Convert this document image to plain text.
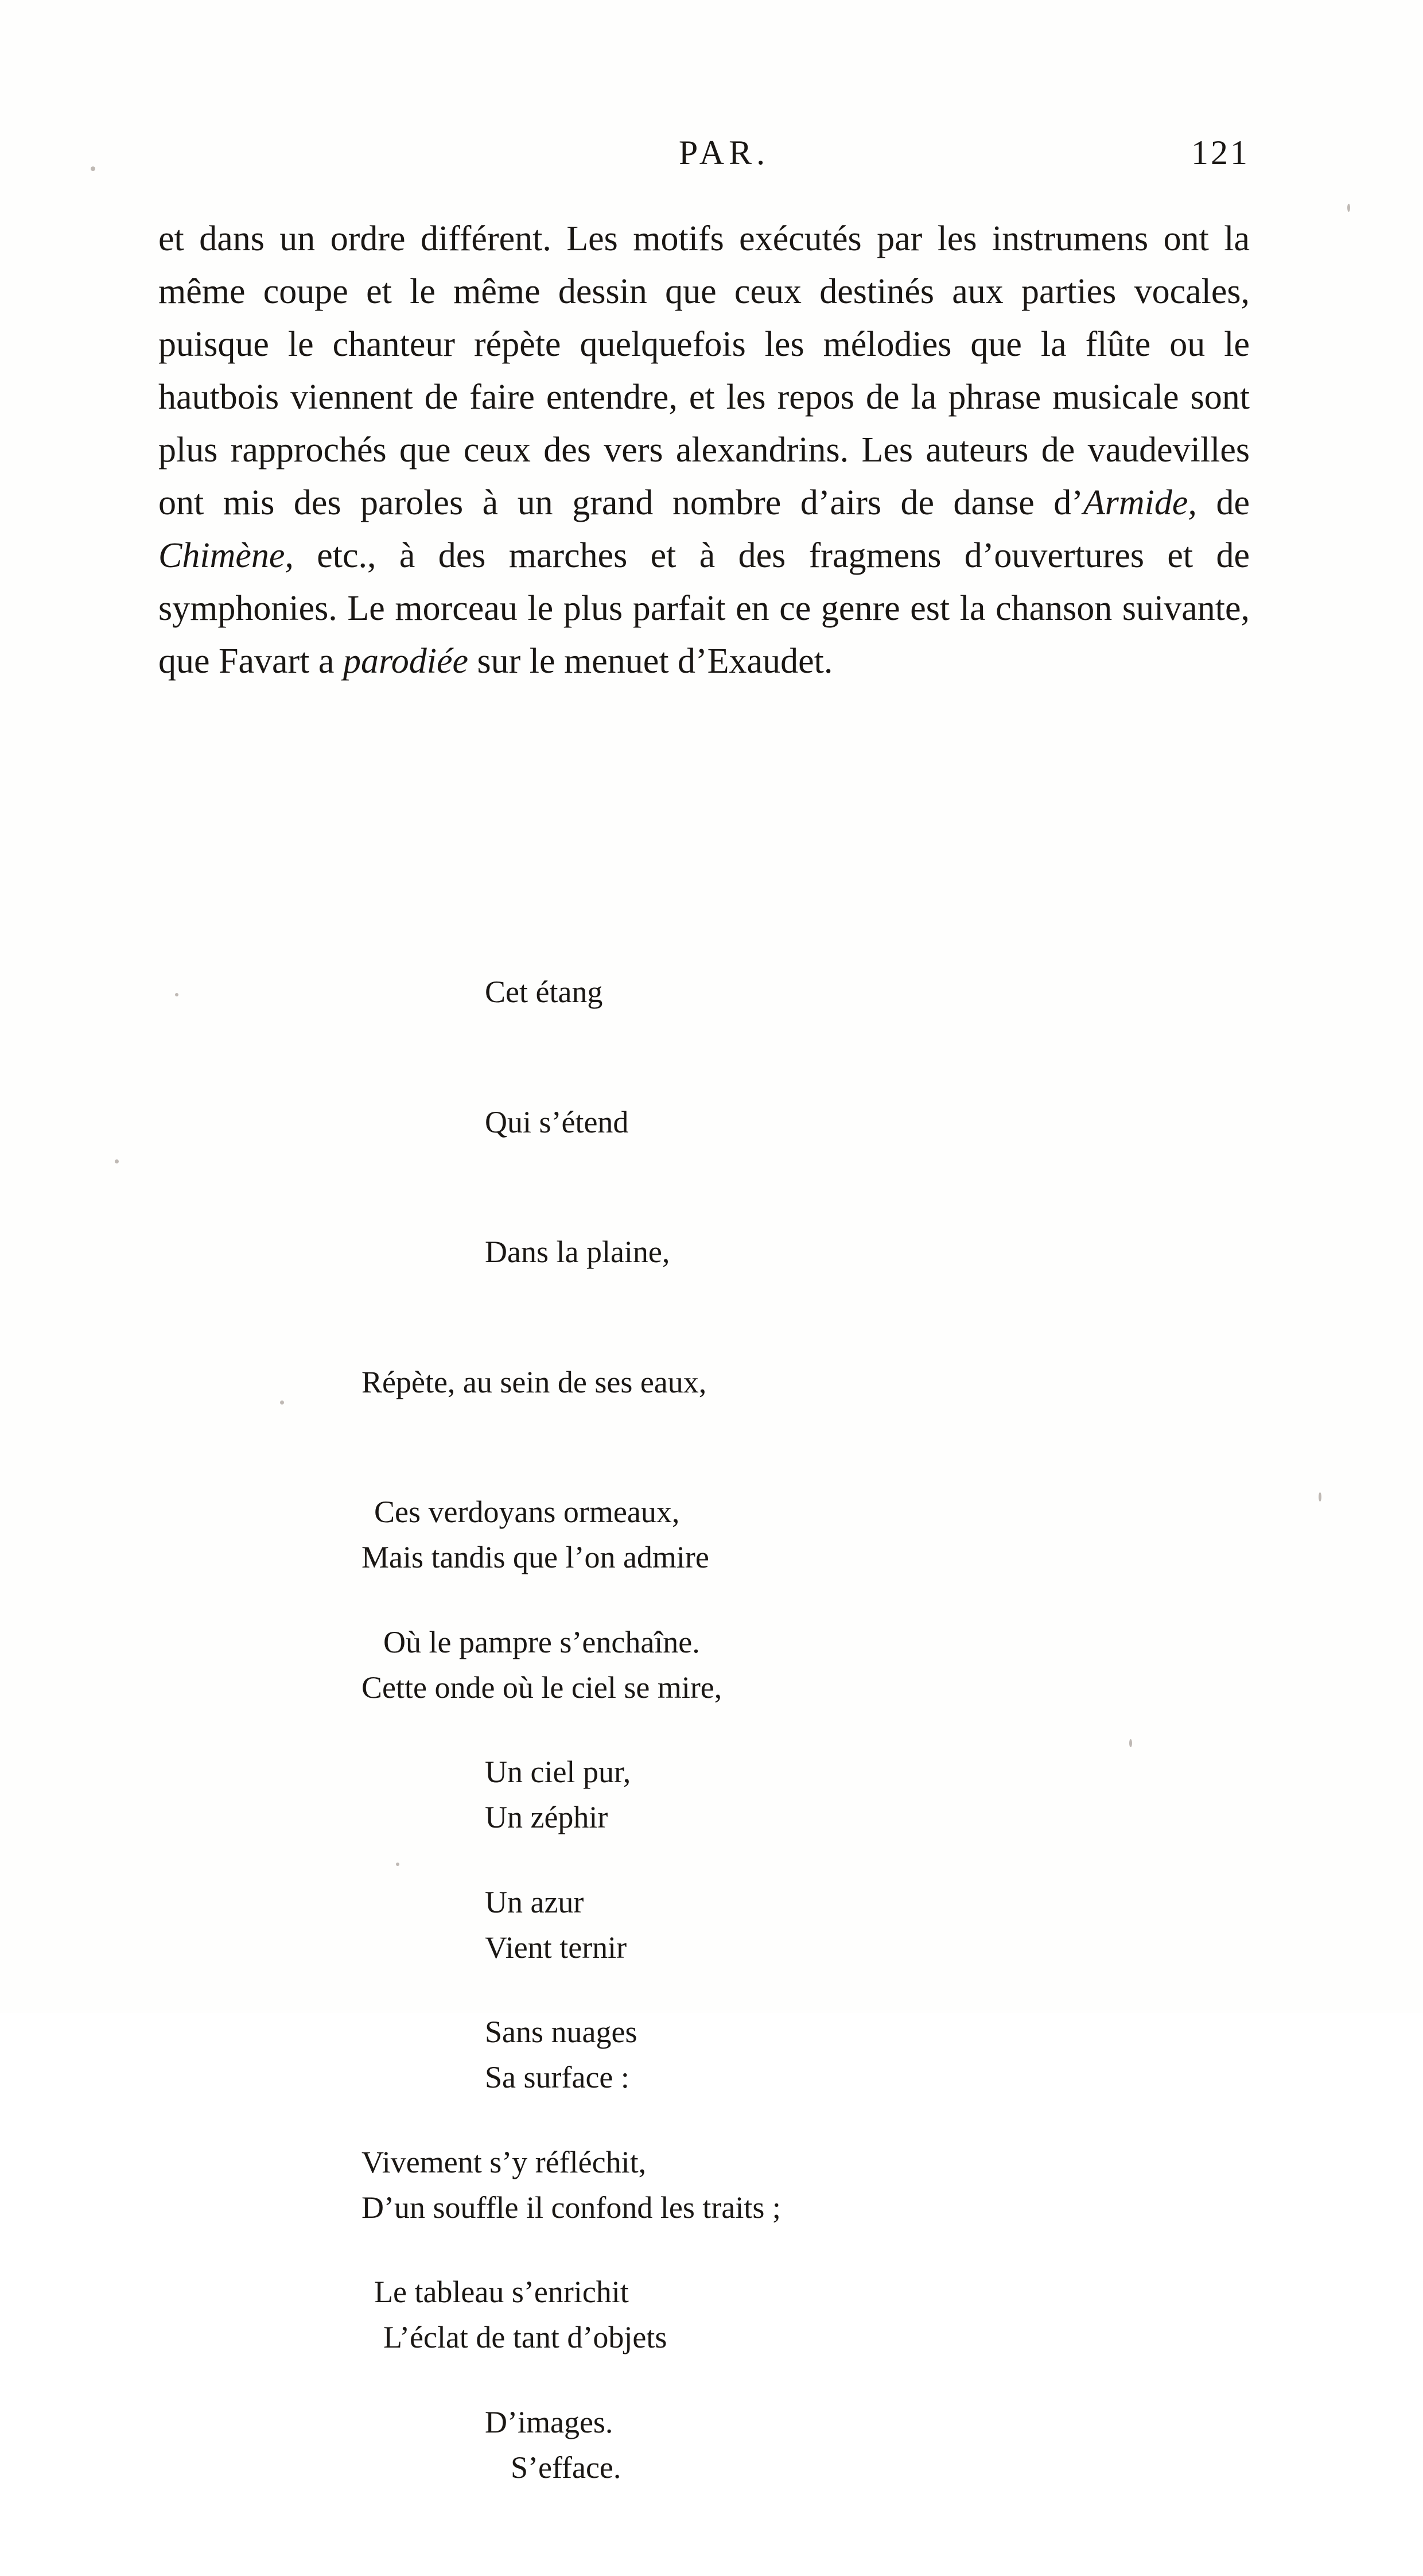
PAR.	121

et dans un ordre différent. Les motifs exécutés par les instrumens ont la même coupe et le même dessin que ceux destinés aux parties vocales, puisque le chanteur répète quelquefois les mélodies que la flûte ou le hautbois viennent de faire entendre, et les repos de la phrase musicale sont plus rapprochés que ceux des vers alexandrins. Les auteurs de vaudevilles ont mis des paroles à un grand nombre d’airs de danse d’Armide, de Chimène, etc., à des marches et à des fragmens d’ouvertures et de symphonies. Le morceau le plus parfait en ce genre est la chanson suivante, que Favart a parodiée sur le menuet d’Exaudet.

Cet étang

Qui s’étend

Dans la plaine,

Répète, au sein de ses eaux,

Ces verdoyans ormeaux,

Où le pampre s’enchaîne.

Un ciel pur,

Un azur

Sans nuages

Vivement s’y réfléchit,

Le tableau s’enrichit

D’images.

Mais tandis que l’on admire

Cette onde où le ciel se mire,

Un zéphir

Vient ternir

Sa surface :

D’un souffle il confond les traits ;

L’éclat de tant d’objets

S’efface.
